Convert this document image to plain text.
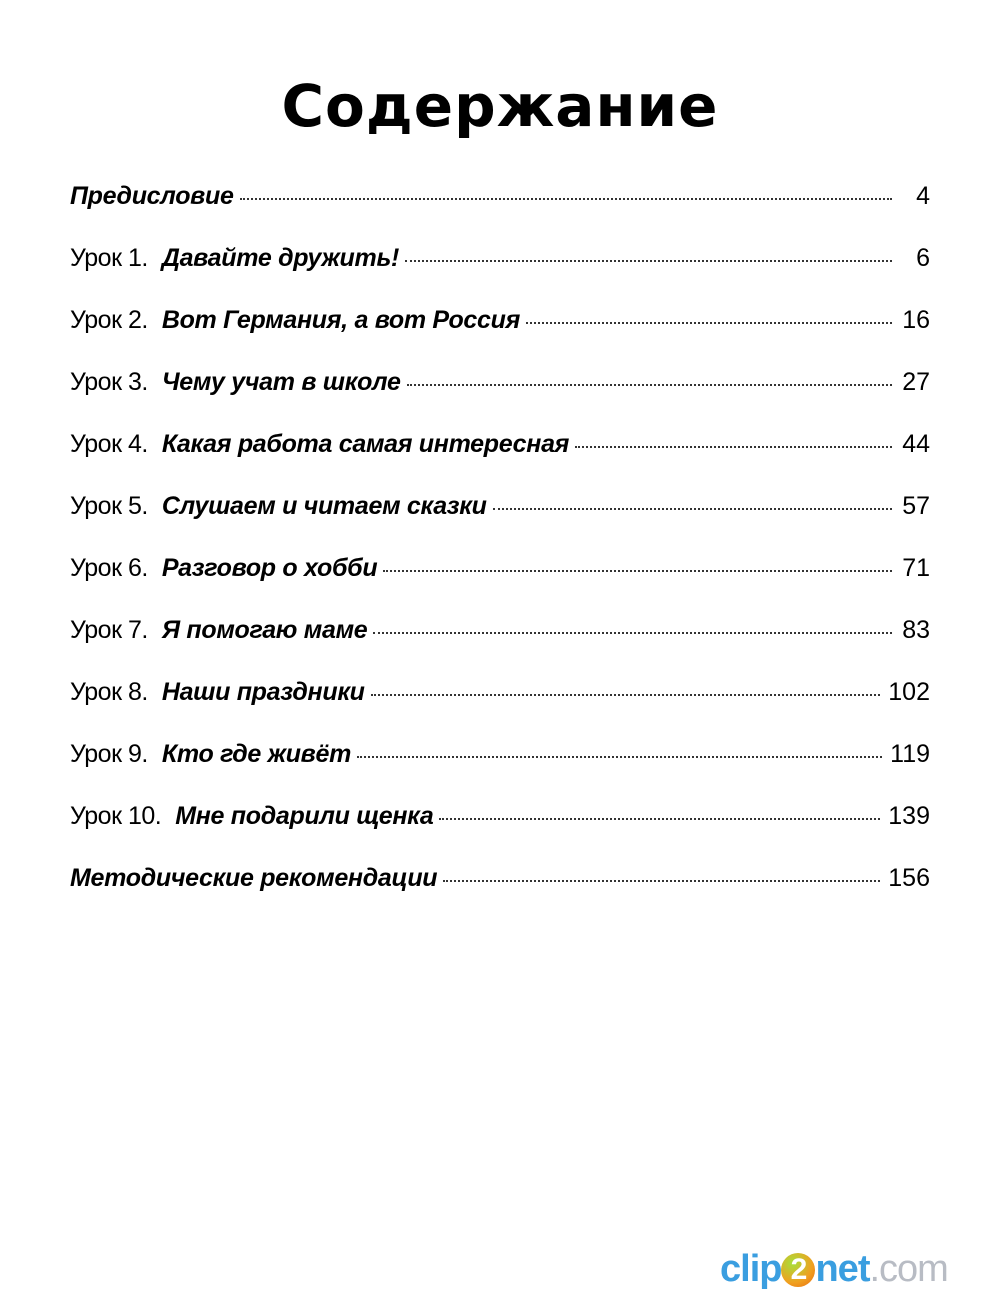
Содержание
Предисловие	4
Урок 1. Давайте дружить!	6
Урок 2. Вот Германия, а вот Россия	16
Урок 3. Чему учат в школе	27
Урок 4. Какая работа самая интересная	44
Урок 5. Слушаем и читаем сказки	57
Урок 6. Разговор о хобби	71
Урок 7. Я помогаю маме	83
Урок 8. Наши праздники	102
Урок 9. Кто где живёт	119
Урок 10. Мне подарили щенка	139
Методические рекомендации	156
clip 2 net.com
